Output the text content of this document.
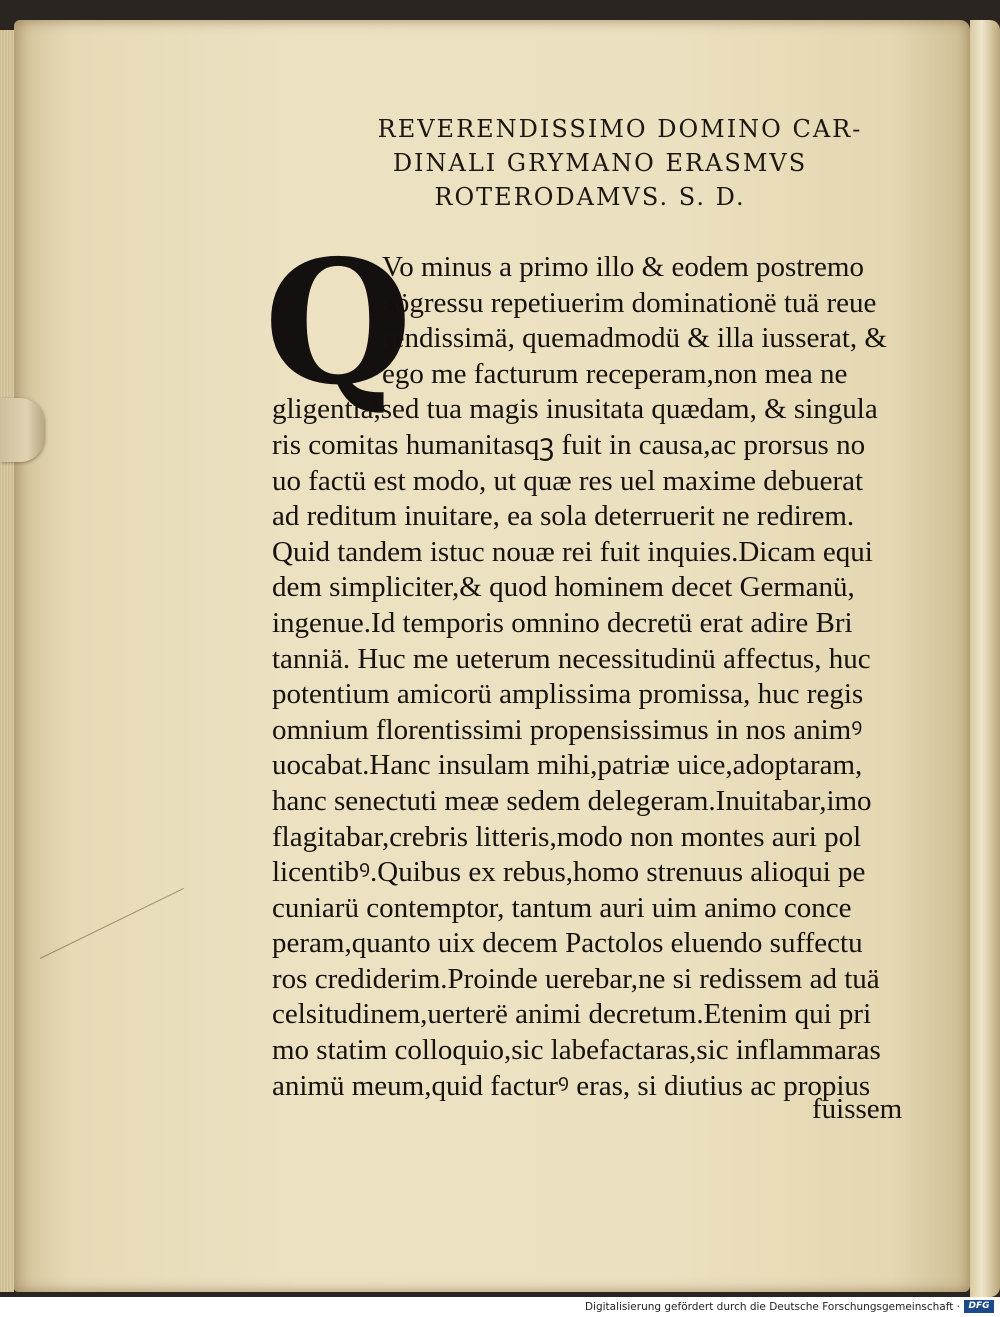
REVERENDISSIMO DOMINO CAR-
DINALI GRYMANO ERASMVS
ROTERODAMVS. S. D.
Q
Vo minus a primo illo & eodem postremo
cögressu repetiuerim dominationë tuä reue
rendissimä, quemadmodü & illa iusserat, &
ego me facturum receperam,non mea ne
gligentia,sed tua magis inusitata quædam, & singula
ris comitas humanitasqꝫ fuit in causa,ac prorsus no
uo factü est modo, ut quæ res uel maxime debuerat
ad reditum inuitare, ea sola deterruerit ne redirem.
Quid tandem istuc nouæ rei fuit inquies.Dicam equi
dem simpliciter,& quod hominem decet Germanü,
ingenue.Id temporis omnino decretü erat adire Bri
tanniä. Huc me ueterum necessitudinü affectus, huc
potentium amicorü amplissima promissa, huc regis
omnium florentissimi propensissimus in nos animꝰ
uocabat.Hanc insulam mihi,patriæ uice,adoptaram,
hanc senectuti meæ sedem delegeram.Inuitabar,imo
flagitabar,crebris litteris,modo non montes auri pol
licentibꝰ.Quibus ex rebus,homo strenuus alioqui pe
cuniarü contemptor, tantum auri uim animo conce
peram,quanto uix decem Pactolos eluendo suffectu
ros crediderim.Proinde uerebar,ne si redissem ad tuä
celsitudinem,uerterë animi decretum.Etenim qui pri
mo statim colloquio,sic labefactaras,sic inflammaras
animü meum,quid facturꝰ eras, si diutius ac propius
fuissem
Digitalisierung gefördert durch die Deutsche Forschungsgemeinschaft · DFG
